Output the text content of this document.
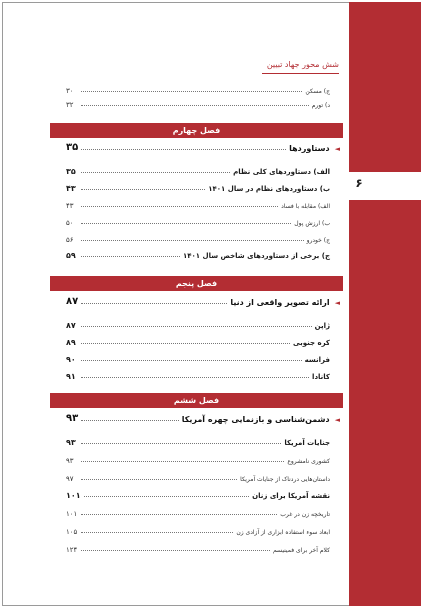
۶
شش محور جهاد تبیین
ج) مسکن
۳۰
د) تورم
۳۲
فصل چهارم
◄
دستاوردها
۳۵
الف) دستاوردهای کلی نظام
۳۵
ب) دستاوردهای نظام در سال ۱۴۰۱
۴۳
الف) مقابله با فساد
۴۳
ب) ارزش پول
۵۰
ج) خودرو
۵۶
ج) برخی از دستاوردهای شاخص سال ۱۴۰۱
۵۹
فصل پنجم
◄
ارائه تصویر واقعی از دنیا
۸۷
ژاپن
۸۷
کره جنوبی
۸۹
فرانسه
۹۰
کانادا
۹۱
فصل ششم
◄
دشمن‌شناسی و بازنمایی چهره آمریکا
۹۳
جنایات آمریکا
۹۳
کشوری نامشروع
۹۳
داستان‌هایی دردناک از جنایات آمریکا
۹۷
نقشه آمریکا برای زنان
۱۰۱
تاریخچه زن در غرب
۱۰۱
ابعاد سوء استفاده ابزاری از آزادی زن
۱۰۵
کلام آخر برای فمینیسم
۱۲۴
